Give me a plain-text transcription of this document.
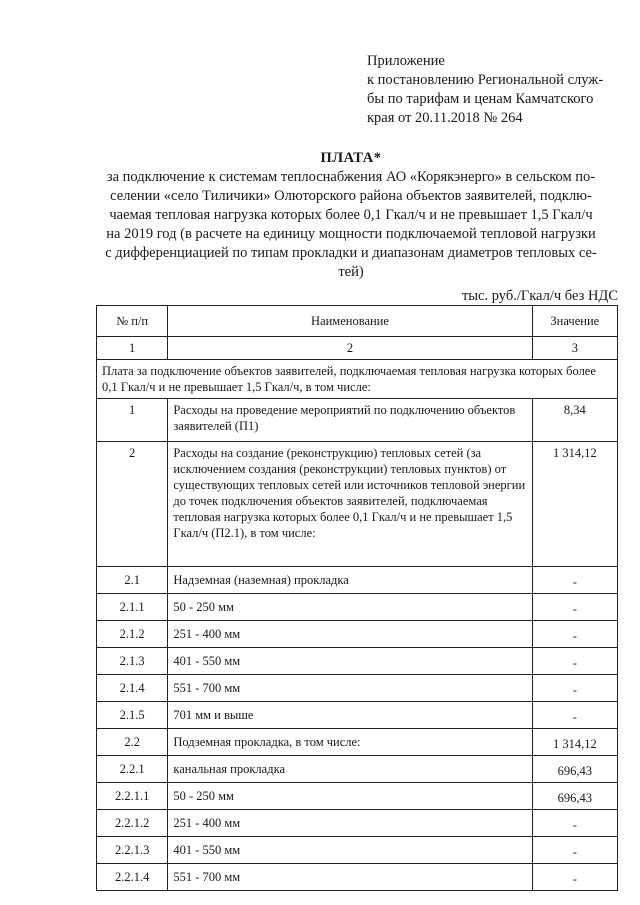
Приложение
к постановлению Региональной служ-
бы по тарифам и ценам Камчатского
края от 20.11.2018 № 264
ПЛАТА*
за подключение к системам теплоснабжения АО «Корякэнерго» в сельском по-
селении «село Тиличики» Олюторского района объектов заявителей, подклю-
чаемая тепловая нагрузка которых более 0,1 Гкал/ч и не превышает 1,5 Гкал/ч
на 2019 год (в расчете на единицу мощности подключаемой тепловой нагрузки
с дифференциацией по типам прокладки и диапазонам диаметров тепловых се-
тей)
тыс. руб./Гкал/ч без НДС
№ п/п	Наименование	Значение
1	2	3
Плата за подключение объектов заявителей, подключаемая тепловая нагрузка которых более 0,1 Гкал/ч и не превышает 1,5 Гкал/ч, в том числе:		
1	Расходы на проведение мероприятий по подключению объектов заявителей (П1)	8,34
2	Расходы на создание (реконструкцию) тепловых сетей (за исключением создания (реконструкции) тепловых пунктов) от существующих тепловых сетей или источников тепловой энергии до точек подключения объектов заявителей, подключаемая тепловая нагрузка которых более 0,1 Гкал/ч и не превышает 1,5 Гкал/ч (П2.1), в том числе:	1 314,12
2.1	Надземная (наземная) прокладка	-
2.1.1	50 - 250 мм	-
2.1.2	251 - 400 мм	-
2.1.3	401 - 550 мм	-
2.1.4	551 - 700 мм	-
2.1.5	701 мм и выше	-
2.2	Подземная прокладка, в том числе:	1 314,12
2.2.1	канальная прокладка	696,43
2.2.1.1	50 - 250 мм	696,43
2.2.1.2	251 - 400 мм	-
2.2.1.3	401 - 550 мм	-
2.2.1.4	551 - 700 мм	-
